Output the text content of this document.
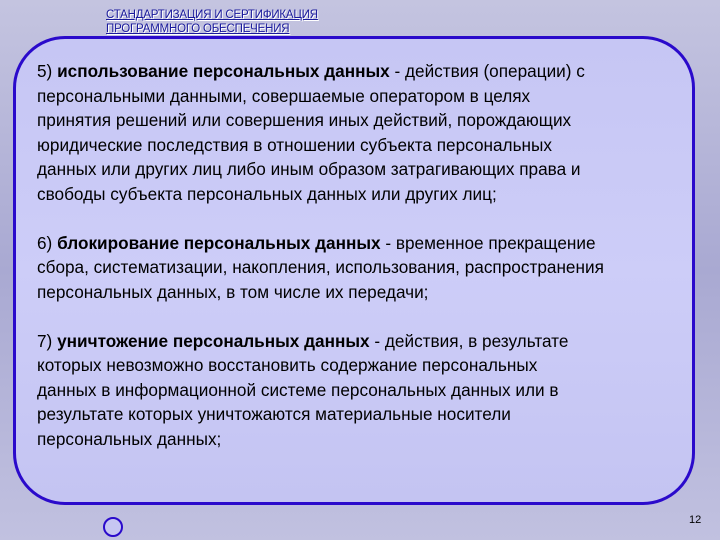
СТАНДАРТИЗАЦИЯ И СЕРТИФИКАЦИЯ
ПРОГРАММНОГО ОБЕСПЕЧЕНИЯ
5) использование персональных данных - действия (операции) с
персональными данными, совершаемые оператором в целях
принятия решений или совершения иных действий, порождающих
юридические последствия в отношении субъекта персональных
данных или других лиц либо иным образом затрагивающих права и
свободы субъекта персональных данных или других лиц;
6) блокирование персональных данных - временное прекращение
сбора, систематизации, накопления, использования, распространения
персональных данных, в том числе их передачи;
7) уничтожение персональных данных - действия, в результате
которых невозможно восстановить содержание персональных
данных в информационной системе персональных данных или в
результате которых уничтожаются материальные носители
персональных данных;
12
